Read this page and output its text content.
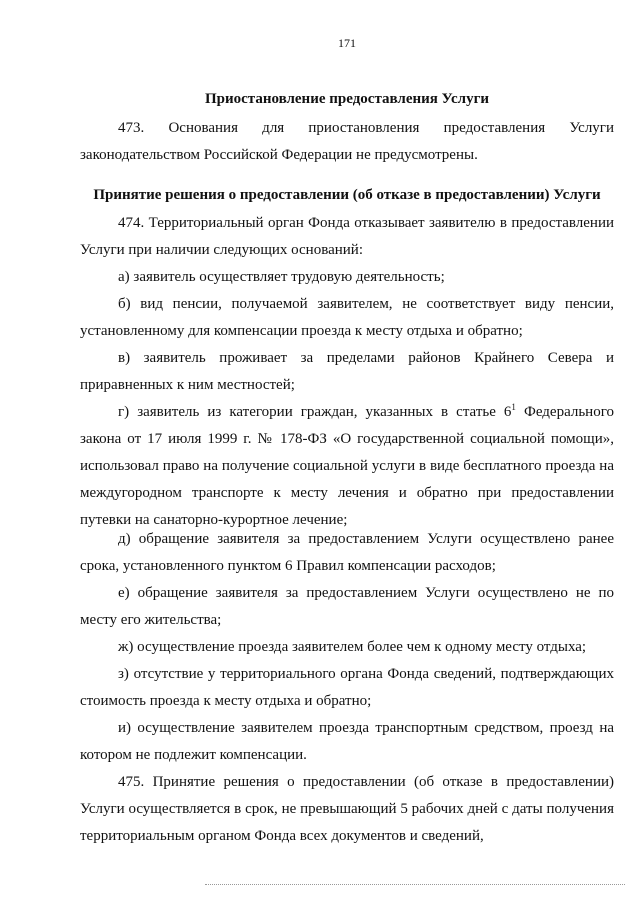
171
Приостановление предоставления Услуги

473. Основания для приостановления предоставления Услуги законодательством Российской Федерации не предусмотрены.

Принятие решения о предоставлении (об отказе в предоставлении) Услуги

474. Территориальный орган Фонда отказывает заявителю в предоставлении Услуги при наличии следующих оснований:

а) заявитель осуществляет трудовую деятельность;

б) вид пенсии, получаемой заявителем, не соответствует виду пенсии, установленному для компенсации проезда к месту отдыха и обратно;

в) заявитель проживает за пределами районов Крайнего Севера и приравненных к ним местностей;

г) заявитель из категории граждан, указанных в статье $6^1$ Федерального закона от 17 июля 1999 г. № 178-ФЗ «О государственной социальной помощи», использовал право на получение социальной услуги в виде бесплатного проезда на междугородном транспорте к месту лечения и обратно при предоставлении путевки на санаторно-курортное лечение;

д) обращение заявителя за предоставлением Услуги осуществлено ранее срока, установленного пунктом 6 Правил компенсации расходов;

е) обращение заявителя за предоставлением Услуги осуществлено не по месту его жительства;

ж) осуществление проезда заявителем более чем к одному месту отдыха;

з) отсутствие у территориального органа Фонда сведений, подтверждающих стоимость проезда к месту отдыха и обратно;

и) осуществление заявителем проезда транспортным средством, проезд на котором не подлежит компенсации.

475. Принятие решения о предоставлении (об отказе в предоставлении) Услуги осуществляется в срок, не превышающий 5 рабочих дней с даты получения территориальным органом Фонда всех документов и сведений,
